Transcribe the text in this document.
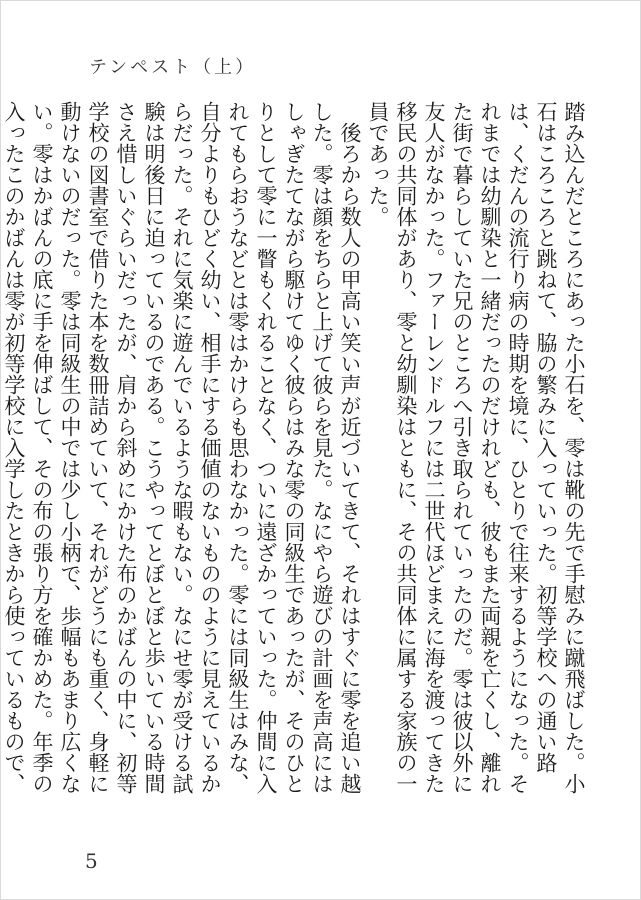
テンペスト（上）

踏み込んだところにあった小石を、零は靴の先で手慰みに蹴飛ばした。小石はころころと跳ねて、脇の繁みに入っていった。初等学校への通い路は、くだんの流行り病の時期を境に、ひとりで往来するようになった。それまでは幼馴染と一緒だったのだけれども、彼もまた両親を亡くし、離れた街で暮らしていた兄のところへ引き取られていったのだ。零は彼以外に友人がなかった。ファーレンドルフには二世代ほどまえに海を渡ってきた移民の共同体があり、零と幼馴染はともに、その共同体に属する家族の一員であった。

後ろから数人の甲高い笑い声が近づいてきて、それはすぐに零を追い越した。零は顔をちらと上げて彼らを見た。なにやら遊びの計画を声高にはしゃぎたてながら駆けてゆく彼らはみな零の同級生であったが、そのひとりとして零に一瞥もくれることなく、ついに遠ざかっていった。仲間に入れてもらおうなどとは零はかけらも思わなかった。零には同級生はみな、自分よりもひどく幼い、相手にする価値のないもののように見えているからだった。それに気楽に遊んでいるような暇もない。なにせ零が受ける試験は明後日に迫っているのである。こうやってとぼとぼと歩いている時間さえ惜しいぐらいだったが、肩から斜めにかけた布のかばんの中に、初等学校の図書室で借りた本を数冊詰めていて、それがどうにも重く、身軽に動けないのだった。零は同級生の中では少し小柄で、歩幅もあまり広くない。零はかばんの底に手を伸ばして、その布の張り方を確かめた。年季の入ったこのかばんは零が初等学校に入学したときから使っているもので、

5
